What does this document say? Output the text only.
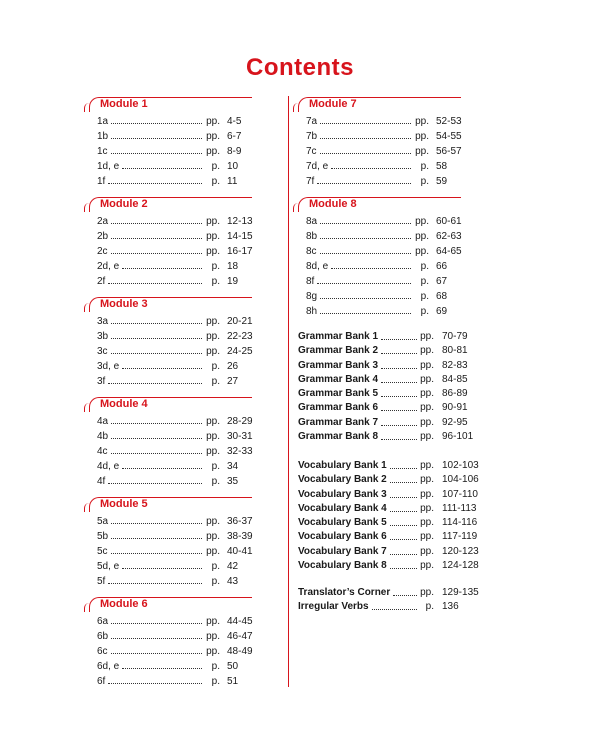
Contents
Module 1
1a	pp. 4-5
1b	pp. 6-7
1c	pp. 8-9
1d, e	p. 10
1f	p. 11
Module 2
2a	pp. 12-13
2b	pp. 14-15
2c	pp. 16-17
2d, e	p. 18
2f	p. 19
Module 3
3a	pp. 20-21
3b	pp. 22-23
3c	pp. 24-25
3d, e	p. 26
3f	p. 27
Module 4
4a	pp. 28-29
4b	pp. 30-31
4c	pp. 32-33
4d, e	p. 34
4f	p. 35
Module 5
5a	pp. 36-37
5b	pp. 38-39
5c	pp. 40-41
5d, e	p. 42
5f	p. 43
Module 6
6a	pp. 44-45
6b	pp. 46-47
6c	pp. 48-49
6d, e	p. 50
6f	p. 51
Module 7
7a	pp. 52-53
7b	pp. 54-55
7c	pp. 56-57
7d, e	p. 58
7f	p. 59
Module 8
8a	pp. 60-61
8b	pp. 62-63
8c	pp. 64-65
8d, e	p. 66
8f	p. 67
8g	p. 68
8h	p. 69
Grammar Bank 1	pp. 70-79
Grammar Bank 2	pp. 80-81
Grammar Bank 3	pp. 82-83
Grammar Bank 4	pp. 84-85
Grammar Bank 5	pp. 86-89
Grammar Bank 6	pp. 90-91
Grammar Bank 7	pp. 92-95
Grammar Bank 8	pp. 96-101
Vocabulary Bank 1	pp. 102-103
Vocabulary Bank 2	pp. 104-106
Vocabulary Bank 3	pp. 107-110
Vocabulary Bank 4	pp. 111-113
Vocabulary Bank 5	pp. 114-116
Vocabulary Bank 6	pp. 117-119
Vocabulary Bank 7	pp. 120-123
Vocabulary Bank 8	pp. 124-128
Translator’s Corner	pp. 129-135
Irregular Verbs	p. 136
